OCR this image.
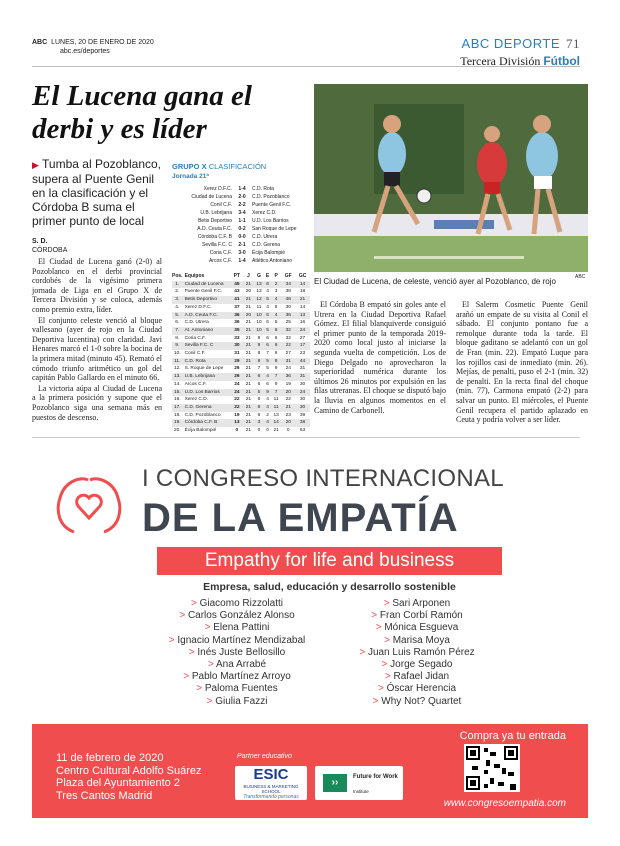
ABC LUNES, 20 DE ENERO DE 2020
abc.es/deportes
ABC DEPORTE 71
Tercera División Fútbol
El Lucena gana el derbi y es líder
▶ Tumba al Pozoblanco, supera al Puente Genil en la clasificación y el Córdoba B suma el primer punto de local
S. D.
CÓRDOBA

El Ciudad de Lucena ganó (2-0) al Pozoblanco en el derbi provincial cordobés de la vigésimo primera jornada de Liga en el Grupo X de Tercera División y se coloca, además como premio extra, líder.

El conjunto celeste venció al bloque vallesano (ayer de rojo en la Ciudad Deportiva lucentina) con claridad. Javi Henares marcó el 1-0 sobre la bocina de la primera mitad (minuto 45). Remató el cómodo triunfo aritmético un gol del capitán Pablo Gallardo en el minuto 66.

La victoria aúpa al Ciudad de Lucena a la primera posición y supone que el Pozoblanco siga una semana más en puestos de descenso.

GRUPO X CLASIFICACIÓN
Jornada 21ª
Xerez D.F.C.	1-4	C.D. Rota
Ciudad de Lucena	2-0	C.D. Pozoblanco
Conil C.F.	2-2	Puente Genil F.C.
U.B. Lebrijana	3-4	Xerez C.D.
Betis Deportivo	1-1	U.D. Los Barrios
A.D. Ceuta F.C.	0-2	San Roque de Lepe
Córdoba C.F. B	0-0	C.D. Utrera
Sevilla F.C. C	2-1	C.D. Gerena
Coria C.F.	3-0	Écija Balompié
Arcos C.F.	1-4	Atlético Antoniano
Pos.	Equipos	PT	J	G	E	P	GF	GC
1.	Ciudad de Lucena	45	21	13	6	2	34	14
2.	Puente Genil F.C.	43	20	13	4	3	38	18
3.	Betis Deportivo	41	21	12	5	4	46	21
4.	Xerez D.F.C.	37	21	11	4	6	30	14
5.	A.D. Ceuta F.C.	36	20	10	6	4	36	13
6.	C.D. Utrera	36	21	10	6	5	25	16
7.	At. Antoniano	35	21	10	5	6	32	24
8.	Coria C.F.	33	21	9	6	6	32	27
9.	Sevilla F.C. C	30	21	9	6	6	22	17
10.	Conil C.F.	31	21	8	7	6	27	23
11.	C.D. Rota	29	21	8	5	8	31	44
12.	S. Roque de Lepe	26	21	7	5	9	24	31
13.	U.B. Lebrijana	26	21	6	4	7	36	31
14.	Arcos C.F.	24	21	6	6	9	19	30
15.	U.D. Los Barrios	24	21	5	9	7	20	24
16.	Xerez C.D.	22	21	6	4	11	22	30
17.	C.D. Gerena	22	21	6	4	11	21	30
18.	C.D. Pozoblanco	19	21	6	2	13	23	39
19.	Córdoba C.F. B	13	21	3	4	14	20	38
20.	Écija Balompié	0	21	0	0	21	0	63
ABC
El Ciudad de Lucena, de celeste, venció ayer al Pozoblanco, de rojo

El Córdoba B empató sin goles ante el Utrera en la Ciudad Deportiva Rafael Gómez. El filial blanquiverde consiguió el primer punto de la temporada 2019-2020 como local justo al iniciarse la segunda vuelta de competición. Los de Diego Delgado no aprovecharon la superioridad numérica durante los últimos 26 minutos por expulsión en las filas utreranas. El choque se disputó bajo la lluvia en algunos momentos en el Camino de Carbonell.

El Salerm Cosmetic Puente Genil arañó un empate de su visita al Conil el sábado. El conjunto pontano fue a remolque durante toda la tarde. El bloque gaditano se adelantó con un gol de Fran (min. 22). Empató Luque para los rojillos casi de inmediato (min. 26). Mejías, de penalti, puso el 2-1 (min. 32) de penalti. En la recta final del choque (min. 77), Carmona empató (2-2) para salvar un punto. El miércoles, el Puente Genil recupera el partido aplazado en Ceuta y podría volver a ser líder.

I CONGRESO INTERNACIONAL
DE LA EMPATÍA
Empathy for life and business
Empresa, salud, educación y desarrollo sostenible
> Giacomo Rizzolatti
> Carlos González Alonso
> Elena Pattini
> Ignacio Martínez Mendizabal
> Inés Juste Bellosillo
> Ana Arrabé
> Pablo Martínez Arroyo
> Paloma Fuentes
> Giulia Fazzi
> Sari Arponen
> Fran Corbí Ramón
> Mónica Esgueva
> Marisa Moya
> Juan Luis Ramón Pérez
> Jorge Segado
> Rafael Jidan
> Óscar Herencia
> Why Not? Quartet
11 de febrero de 2020
Centro Cultural Adolfo Suárez
Plaza del Ayuntamiento 2
Tres Cantos Madrid
Partner educativo
ESIC
BUSINESS & MARKETING SCHOOL
Transformando personas
››	Future for Work
Institute
Compra ya tu entrada
www.congresoempatia.com
